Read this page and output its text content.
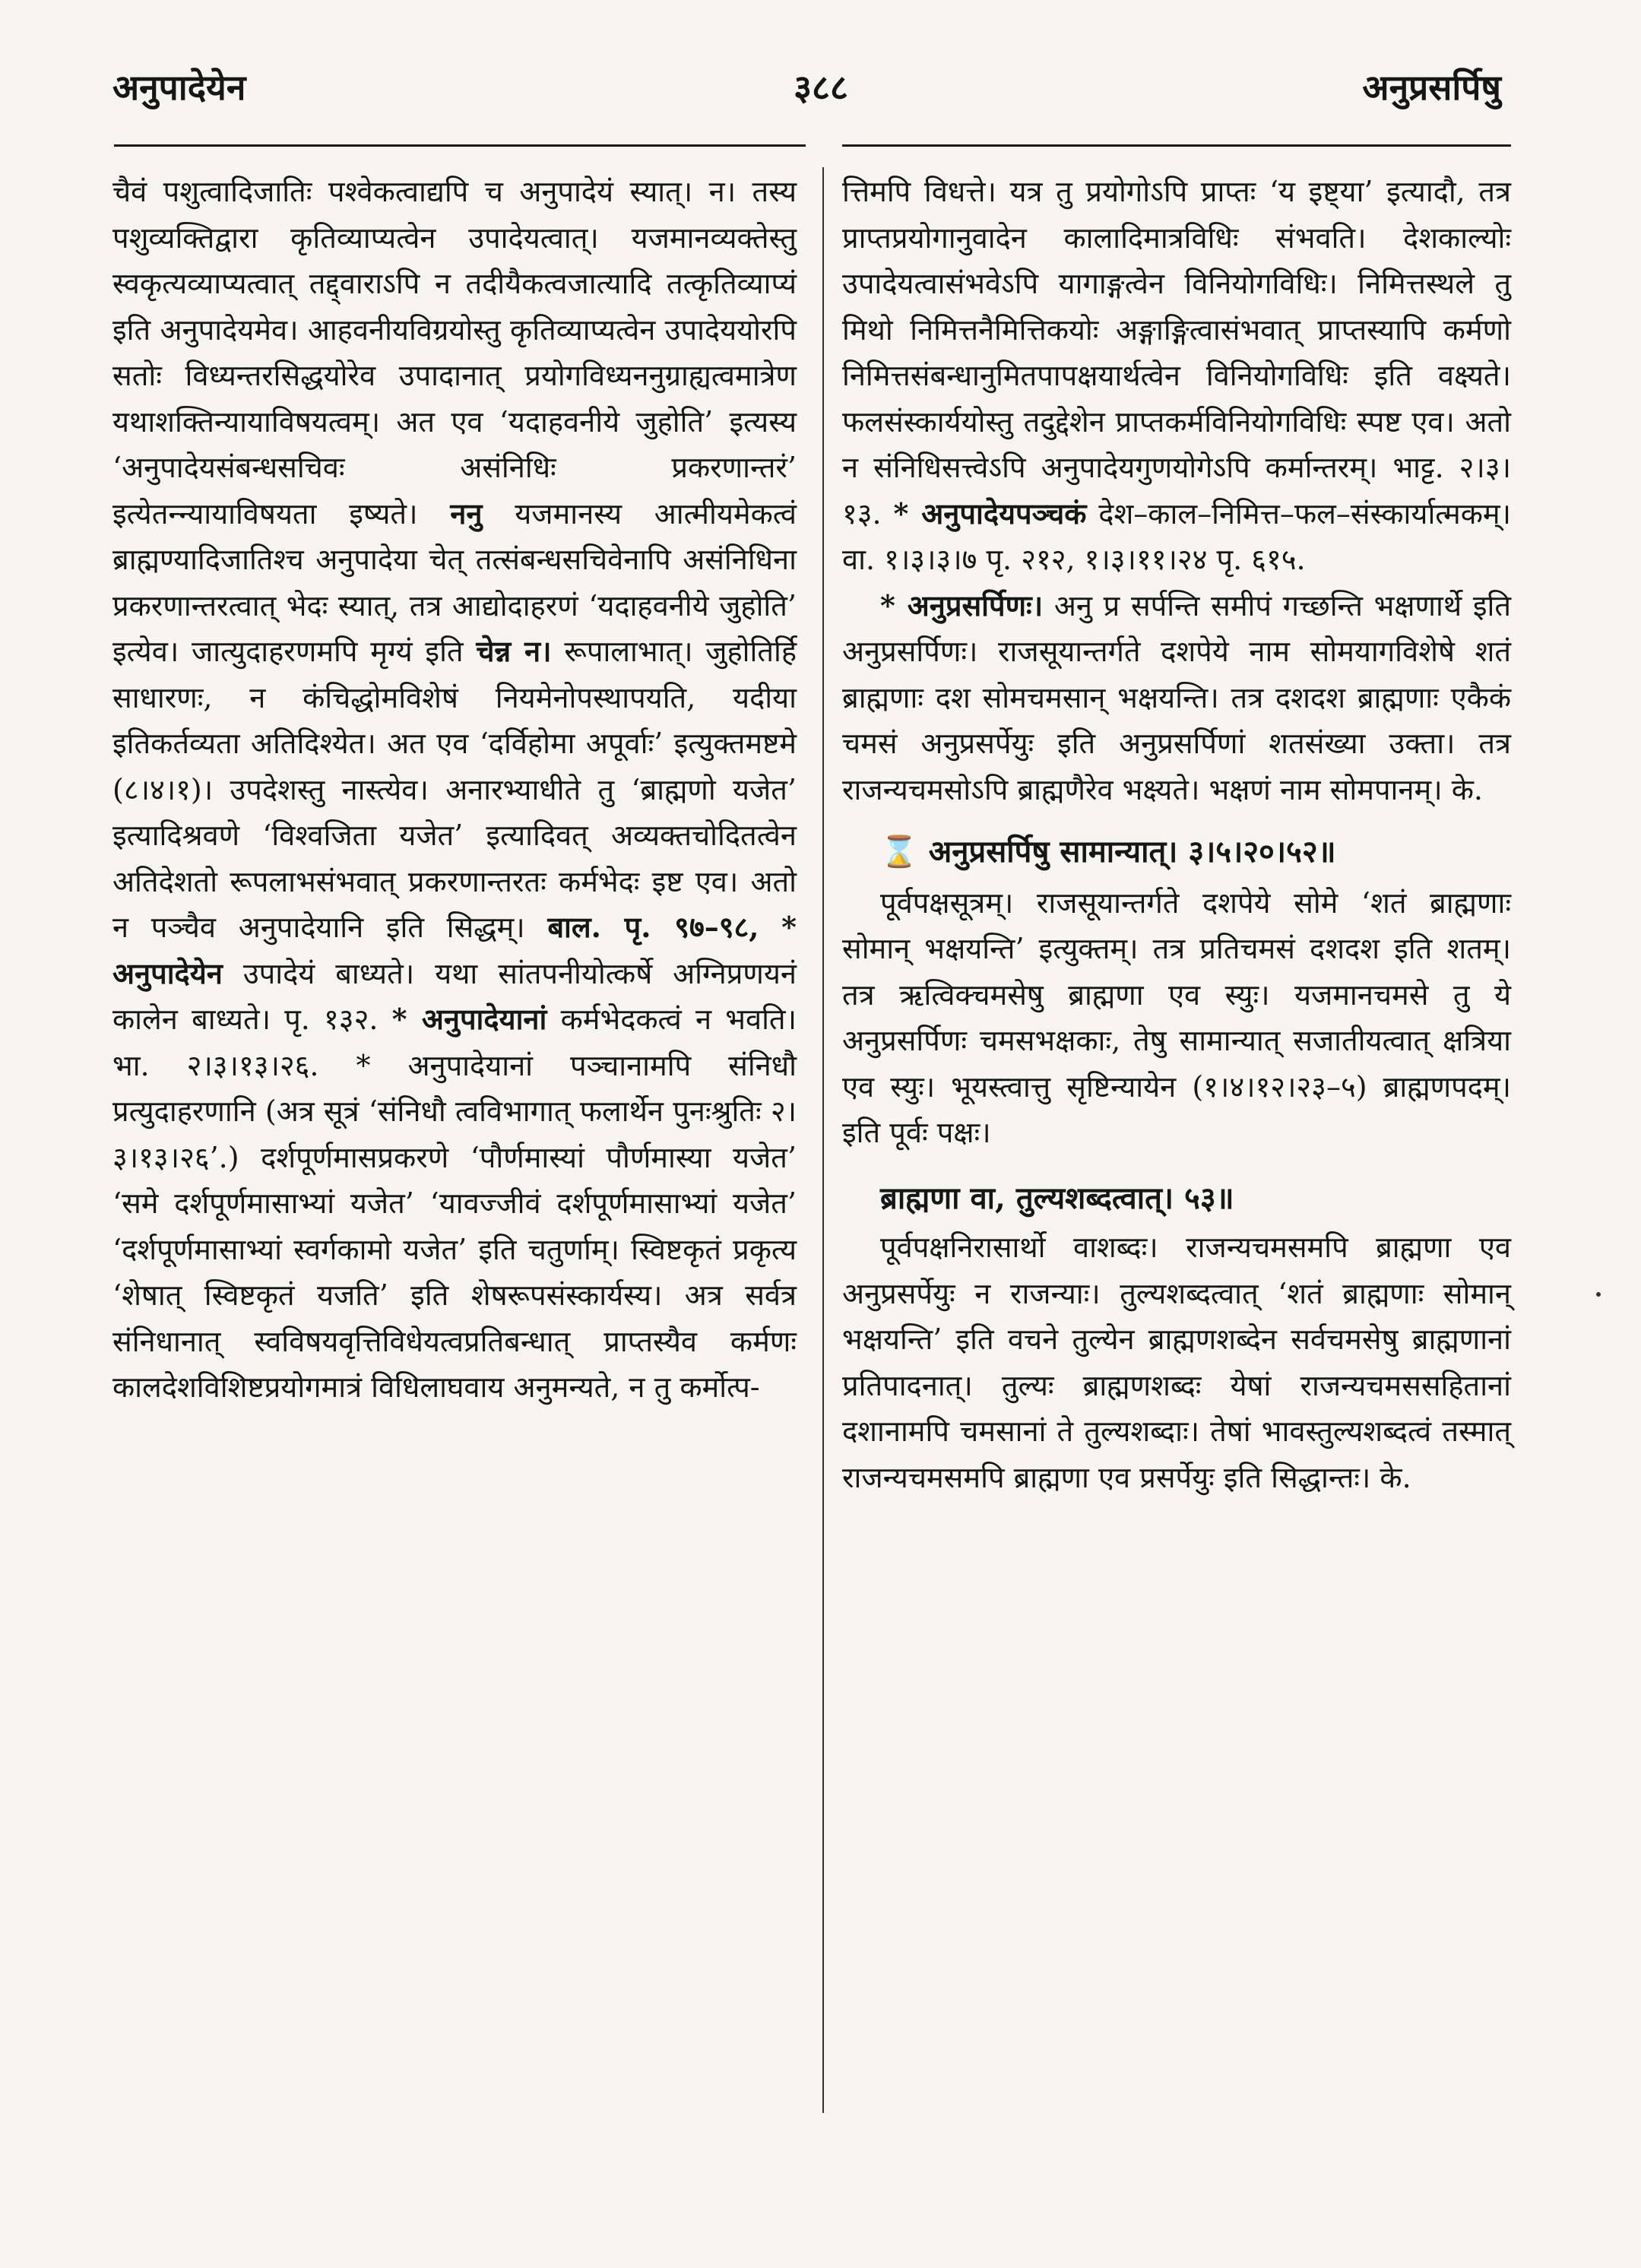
अनुपादेयेन	३८८	अनुप्रसर्पिषु

चैवं पशुत्वादिजातिः पश्वेकत्वाद्यपि च अनुपादेयं स्यात्। न। तस्य पशुव्यक्तिद्वारा कृतिव्याप्यत्वेन उपादेयत्वात्। यजमानव्यक्तेस्तु स्वकृत्यव्याप्यत्वात् तद्द्वाराऽपि न तदीयैकत्वजात्यादि तत्कृतिव्याप्यं इति अनुपादेयमेव। आहवनीयविग्रयोस्तु कृतिव्याप्यत्वेन उपादेययोरपि सतोः विध्यन्तरसिद्धयोरेव उपादानात् प्रयोगविध्यननुग्राह्यत्वमात्रेण यथाशक्तिन्यायाविषयत्वम्। अत एव ‘यदाहवनीये जुहोति’ इत्यस्य ‘अनुपादेयसंबन्धसचिवः असंनिधिः प्रकरणान्तरं’ इत्येतन्न्यायाविषयता इष्यते। ननु यजमानस्य आत्मीयमेकत्वं ब्राह्मण्यादिजातिश्च अनुपादेया चेत् तत्संबन्धसचिवेनापि असंनिधिना प्रकरणान्तरत्वात् भेदः स्यात्, तत्र आद्योदाहरणं ‘यदाहवनीये जुहोति’ इत्येव। जात्युदाहरणमपि मृग्यं इति चेन्न न। रूपालाभात्। जुहोतिर्हि साधारणः, न कंचिद्धोमविशेषं नियमेनोपस्थापयति, यदीया इतिकर्तव्यता अतिदिश्येत। अत एव ‘दर्विहोमा अपूर्वाः’ इत्युक्तमष्टमे (८।४।१)। उपदेशस्तु नास्त्येव। अनारभ्याधीते तु ‘ब्राह्मणो यजेत’ इत्यादिश्रवणे ‘विश्वजिता यजेत’ इत्यादिवत् अव्यक्तचोदितत्वेन अतिदेशतो रूपलाभसंभवात् प्रकरणान्तरतः कर्मभेदः इष्ट एव। अतो न पञ्चैव अनुपादेयानि इति सिद्धम्। बाल. पृ. ९७–९८, * अनुपादेयेन उपादेयं बाध्यते। यथा सांतपनीयोत्कर्षे अग्निप्रणयनं कालेन बाध्यते। पृ. १३२. * अनुपादेयानां कर्मभेदकत्वं न भवति। भा. २।३।१३।२६. * अनुपादेयानां पञ्चानामपि संनिधौ प्रत्युदाहरणानि (अत्र सूत्रं ‘संनिधौ त्वविभागात् फलार्थेन पुनःश्रुतिः २।३।१३।२६’.) दर्शपूर्णमासप्रकरणे ‘पौर्णमास्यां पौर्णमास्या यजेत’ ‘समे दर्शपूर्णमासाभ्यां यजेत’ ‘यावज्जीवं दर्शपूर्णमासाभ्यां यजेत’ ‘दर्शपूर्णमासाभ्यां स्वर्गकामो यजेत’ इति चतुर्णाम्। स्विष्टकृतं प्रकृत्य ‘शेषात् स्विष्टकृतं यजति’ इति शेषरूपसंस्कार्यस्य। अत्र सर्वत्र संनिधानात् स्वविषयवृत्तिविधेयत्वप्रतिबन्धात् प्राप्तस्यैव कर्मणः कालदेशविशिष्टप्रयोगमात्रं विधिलाघवाय अनुमन्यते, न तु कर्मोत्प-

त्तिमपि विधत्ते। यत्र तु प्रयोगोऽपि प्राप्तः ‘य इष्ट्या’ इत्यादौ, तत्र प्राप्तप्रयोगानुवादेन कालादिमात्रविधिः संभवति। देशकाल्योः उपादेयत्वासंभवेऽपि यागाङ्गत्वेन विनियोगविधिः। निमित्तस्थले तु मिथो निमित्तनैमित्तिकयोः अङ्गाङ्गित्वासंभवात् प्राप्तस्यापि कर्मणो निमित्तसंबन्धानुमितपापक्षयार्थत्वेन विनियोगविधिः इति वक्ष्यते। फलसंस्कार्ययोस्तु तदुद्देशेन प्राप्तकर्मविनियोगविधिः स्पष्ट एव। अतो न संनिधिसत्त्वेऽपि अनुपादेयगुणयोगेऽपि कर्मान्तरम्। भाट्ट. २।३।१३. * अनुपादेयपञ्चकं देश–काल–निमित्त–फल–संस्कार्यात्मकम्। वा. १।३।३।७ पृ. २१२, १।३।११।२४ पृ. ६१५.

* अनुप्रसर्पिणः। अनु प्र सर्पन्ति समीपं गच्छन्ति भक्षणार्थे इति अनुप्रसर्पिणः। राजसूयान्तर्गते दशपेये नाम सोमयागविशेषे शतं ब्राह्मणाः दश सोमचमसान् भक्षयन्ति। तत्र दशदश ब्राह्मणाः एकैकं चमसं अनुप्रसर्पेयुः इति अनुप्रसर्पिणां शतसंख्या उक्ता। तत्र राजन्यचमसोऽपि ब्राह्मणैरेव भक्ष्यते। भक्षणं नाम सोमपानम्। के.

⌛ अनुप्रसर्पिषु सामान्यात्। ३।५।२०।५२॥

पूर्वपक्षसूत्रम्। राजसूयान्तर्गते दशपेये सोमे ‘शतं ब्राह्मणाः सोमान् भक्षयन्ति’ इत्युक्तम्। तत्र प्रतिचमसं दशदश इति शतम्। तत्र ऋत्विक्चमसेषु ब्राह्मणा एव स्युः। यजमानचमसे तु ये अनुप्रसर्पिणः चमसभक्षकाः, तेषु सामान्यात् सजातीयत्वात् क्षत्रिया एव स्युः। भूयस्त्वात्तु सृष्टिन्यायेन (१।४।१२।२३–५) ब्राह्मणपदम्। इति पूर्वः पक्षः।

ब्राह्मणा वा, तुल्यशब्दत्वात्। ५३॥

पूर्वपक्षनिरासार्थो वाशब्दः। राजन्यचमसमपि ब्राह्मणा एव अनुप्रसर्पेयुः न राजन्याः। तुल्यशब्दत्वात् ‘शतं ब्राह्मणाः सोमान् भक्षयन्ति’ इति वचने तुल्येन ब्राह्मणशब्देन सर्वचमसेषु ब्राह्मणानां प्रतिपादनात्। तुल्यः ब्राह्मणशब्दः येषां राजन्यचमससहितानां दशानामपि चमसानां ते तुल्यशब्दाः। तेषां भावस्तुल्यशब्दत्वं तस्मात् राजन्यचमसमपि ब्राह्मणा एव प्रसर्पेयुः इति सिद्धान्तः। के.
